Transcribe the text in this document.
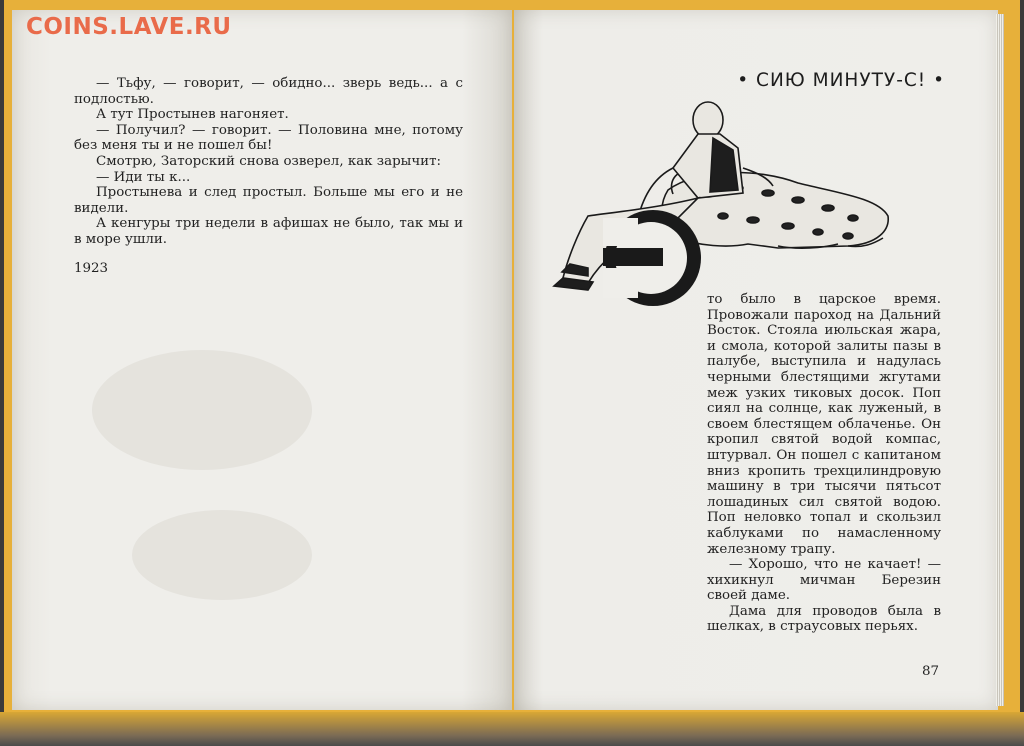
COINS.LAVE.RU

— Тьфу, — говорит, — обидно... зверь ведь... а с подлостью.

А тут Простынев нагоняет.

— Получил? — говорит. — Половина мне, потому без меня ты и не пошел бы!

Смотрю, Заторский снова озверел, как зарычит:

— Иди ты к...

Простынева и след простыл. Больше мы его и не видели.

А кенгуры три недели в афишах не было, так мы и в море ушли.

1923
• СИЮ МИНУТУ-С! •

то было в царское время. Провожали пароход на Дальний Восток. Стояла июльская жара, и смола, которой залиты пазы в палубе, выступила и надулась черными блестящими жгутами меж узких тиковых досок. Поп сиял на солнце, как луженый, в своем блестящем облаченье. Он кропил святой водой компас, штурвал. Он пошел с капитаном вниз кропить трехцилиндровую машину в три тысячи пятьсот лошадиных сил святой водою. Поп неловко топал и скользил каблуками по намасленному железному трапу.

— Хорошо, что не качает! — хихикнул мичман Березин своей даме.

Дама для проводов была в шелках, в страусовых перьях.

87
